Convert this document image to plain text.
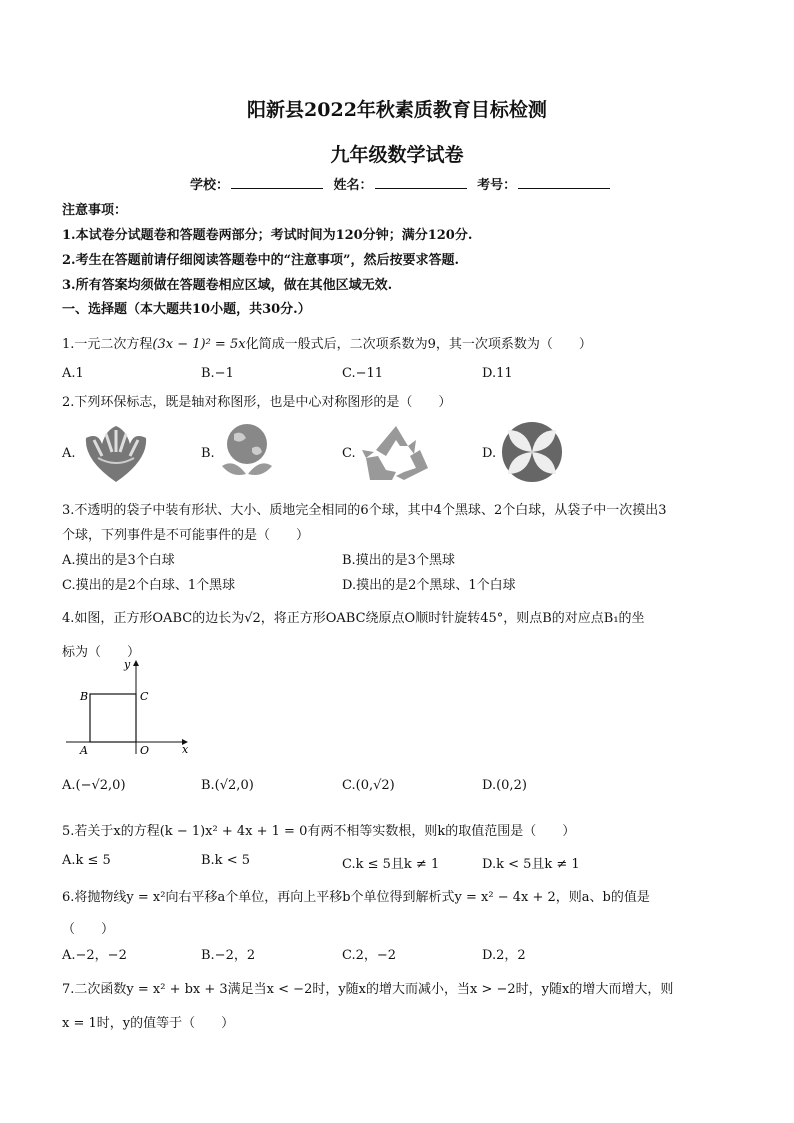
阳新县2022年秋素质教育目标检测
九年级数学试卷
学校：	姓名：	考号：
注意事项：
1.本试卷分试题卷和答题卷两部分；考试时间为120分钟；满分120分.
2.考生在答题前请仔细阅读答题卷中的“注意事项”，然后按要求答题.
3.所有答案均须做在答题卷相应区域，做在其他区域无效.
一、选择题（本大题共10小题，共30分.）
1.一元二次方程(3x − 1)² = 5x化简成一般式后，二次项系数为9，其一次项系数为（　　）
A.1	B.−1	C.−11	D.11
2.下列环保标志，既是轴对称图形，也是中心对称图形的是（　　）
A.	B.	C.	D.
3.不透明的袋子中装有形状、大小、质地完全相同的6个球，其中4个黑球、2个白球，从袋子中一次摸出3
个球，下列事件是不可能事件的是（　　）
A.摸出的是3个白球	B.摸出的是3个黑球
C.摸出的是2个白球、1个黑球	D.摸出的是2个黑球、1个白球
4.如图，正方形OABC的边长为√2，将正方形OABC绕原点O顺时针旋转45°，则点B的对应点B₁的坐
标为（　　）
y
x
B	C
A	O
A.(−√2,0)	B.(√2,0)	C.(0,√2)	D.(0,2)
5.若关于x的方程(k − 1)x² + 4x + 1 = 0有两不相等实数根，则k的取值范围是（　　）
A.k ≤ 5	B.k < 5	C.k ≤ 5且k ≠ 1	D.k < 5且k ≠ 1
6.将抛物线y = x²向右平移a个单位，再向上平移b个单位得到解析式y = x² − 4x + 2，则a、b的值是
（　　）
A.−2，−2	B.−2，2	C.2，−2	D.2，2
7.二次函数y = x² + bx + 3满足当x < −2时，y随x的增大而减小，当x > −2时，y随x的增大而增大，则
x = 1时，y的值等于（　　）
